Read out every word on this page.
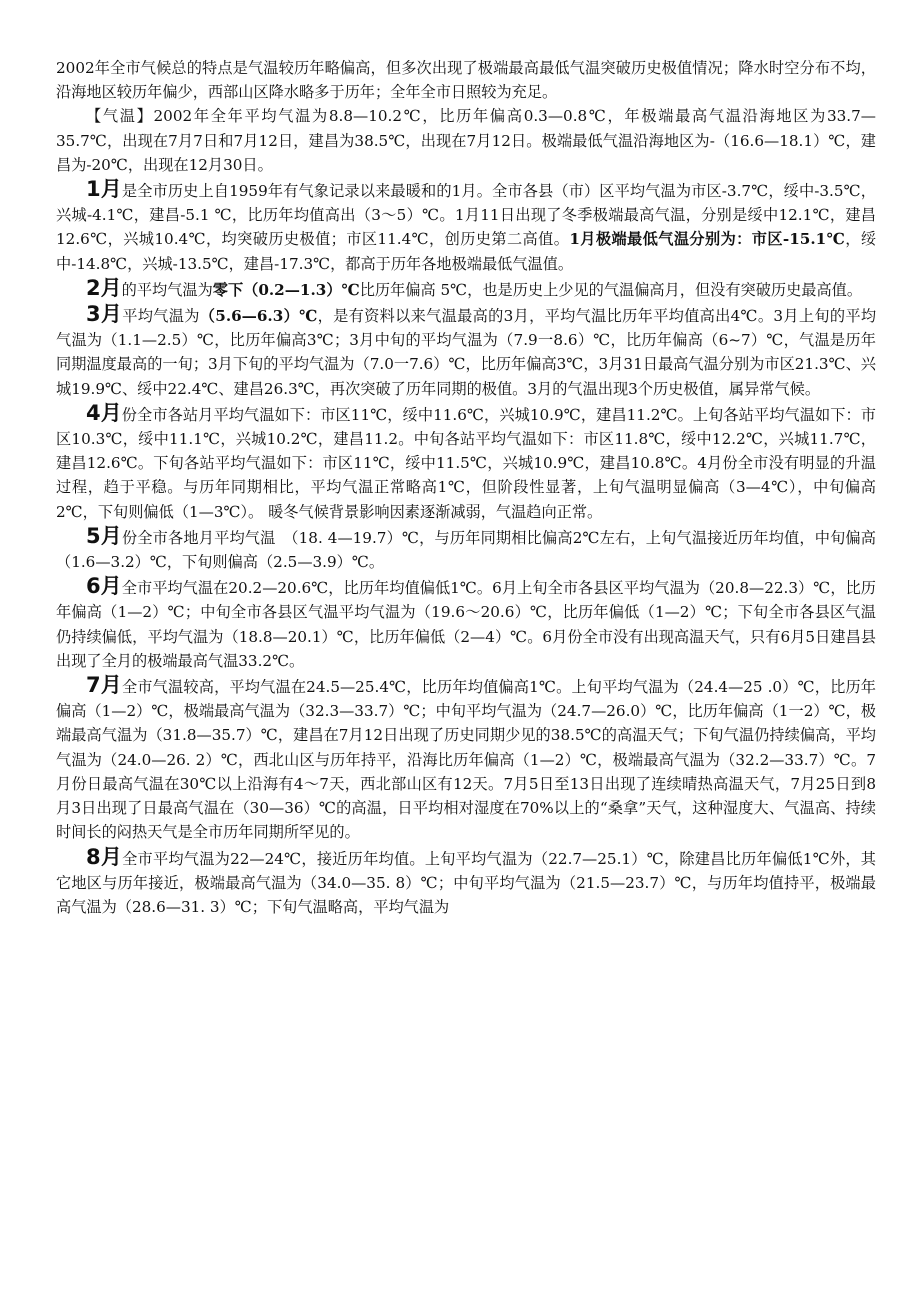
2002年全市气候总的特点是气温较历年略偏高，但多次出现了极端最高最低气温突破历史极值情况；降水时空分布不均，沿海地区较历年偏少，西部山区降水略多于历年；全年全市日照较为充足。

【气温】2002年全年平均气温为8.8—10.2℃，比历年偏高0.3—0.8℃，年极端最高气温沿海地区为33.7—35.7℃，出现在7月7日和7月12日，建昌为38.5℃，出现在7月12日。极端最低气温沿海地区为-（16.6—18.1）℃，建昌为-20℃，出现在12月30日。

1月是全市历史上自1959年有气象记录以来最暖和的1月。全市各县（市）区平均气温为市区-3.7℃，绥中-3.5℃，兴城-4.1℃，建昌-5.1 ℃，比历年均值高出（3～5）℃。1月11日出现了冬季极端最高气温，分别是绥中12.1℃，建昌12.6℃，兴城10.4℃，均突破历史极值；市区11.4℃，创历史第二高值。1月极端最低气温分别为：市区-15.1℃，绥中-14.8℃，兴城-13.5℃，建昌-17.3℃，都高于历年各地极端最低气温值。

2月的平均气温为零下（0.2—1.3）℃比历年偏高 5℃，也是历史上少见的气温偏高月，但没有突破历史最高值。

3月平均气温为（5.6—6.3）℃，是有资料以来气温最高的3月，平均气温比历年平均值高出4℃。3月上旬的平均气温为（1.1—2.5）℃，比历年偏高3℃；3月中旬的平均气温为（7.9一8.6）℃，比历年偏高（6~7）℃，气温是历年同期温度最高的一旬；3月下旬的平均气温为（7.0一7.6）℃，比历年偏高3℃，3月31日最高气温分别为市区21.3℃、兴城19.9℃、绥中22.4℃、建昌26.3℃，再次突破了历年同期的极值。3月的气温出现3个历史极值，属异常气候。

4月份全市各站月平均气温如下：市区11℃，绥中11.6℃，兴城10.9℃，建昌11.2℃。上旬各站平均气温如下：市区10.3℃，绥中11.1℃，兴城10.2℃，建昌11.2。中旬各站平均气温如下：市区11.8℃，绥中12.2℃，兴城11.7℃，建昌12.6℃。下旬各站平均气温如下：市区11℃，绥中11.5℃，兴城10.9℃，建昌10.8℃。4月份全市没有明显的升温过程，趋于平稳。与历年同期相比，平均气温正常略高1℃，但阶段性显著，上旬气温明显偏高（3—4℃），中旬偏高2℃，下旬则偏低（1—3℃）。 暖冬气候背景影响因素逐渐减弱，气温趋向正常。

5月份全市各地月平均气温　（18. 4—19.7）℃，与历年同期相比偏高2℃左右，上旬气温接近历年均值，中旬偏高（1.6—3.2）℃，下旬则偏高（2.5—3.9）℃。

6月全市平均气温在20.2—20.6℃，比历年均值偏低1℃。6月上旬全市各县区平均气温为（20.8—22.3）℃，比历年偏高（1—2）℃；中旬全市各县区气温平均气温为（19.6～20.6）℃，比历年偏低（1—2）℃；下旬全市各县区气温仍持续偏低，平均气温为（18.8—20.1）℃，比历年偏低（2—4）℃。6月份全市没有出现高温天气，只有6月5日建昌县出现了全月的极端最高气温33.2℃。

7月全市气温较高，平均气温在24.5—25.4℃，比历年均值偏高1℃。上旬平均气温为（24.4—25 .0）℃，比历年偏高（1—2）℃，极端最高气温为（32.3—33.7）℃；中旬平均气温为（24.7—26.0）℃，比历年偏高（1一2）℃，极端最高气温为（31.8—35.7）℃，建昌在7月12日出现了历史同期少见的38.5℃的高温天气；下旬气温仍持续偏高，平均气温为（24.0—26. 2）℃，西北山区与历年持平，沿海比历年偏高（1—2）℃，极端最高气温为（32.2—33.7）℃。7月份日最高气温在30℃以上沿海有4～7天，西北部山区有12天。7月5日至13日出现了连续晴热高温天气，7月25日到8月3日出现了日最高气温在（30—36）℃的高温，日平均相对湿度在70%以上的“桑拿”天气，这种湿度大、气温高、持续时间长的闷热天气是全市历年同期所罕见的。

8月全市平均气温为22—24℃，接近历年均值。上旬平均气温为（22.7—25.1）℃，除建昌比历年偏低1℃外，其它地区与历年接近，极端最高气温为（34.0—35. 8）℃；中旬平均气温为（21.5—23.7）℃，与历年均值持平，极端最高气温为（28.6—31. 3）℃；下旬气温略高，平均气温为
